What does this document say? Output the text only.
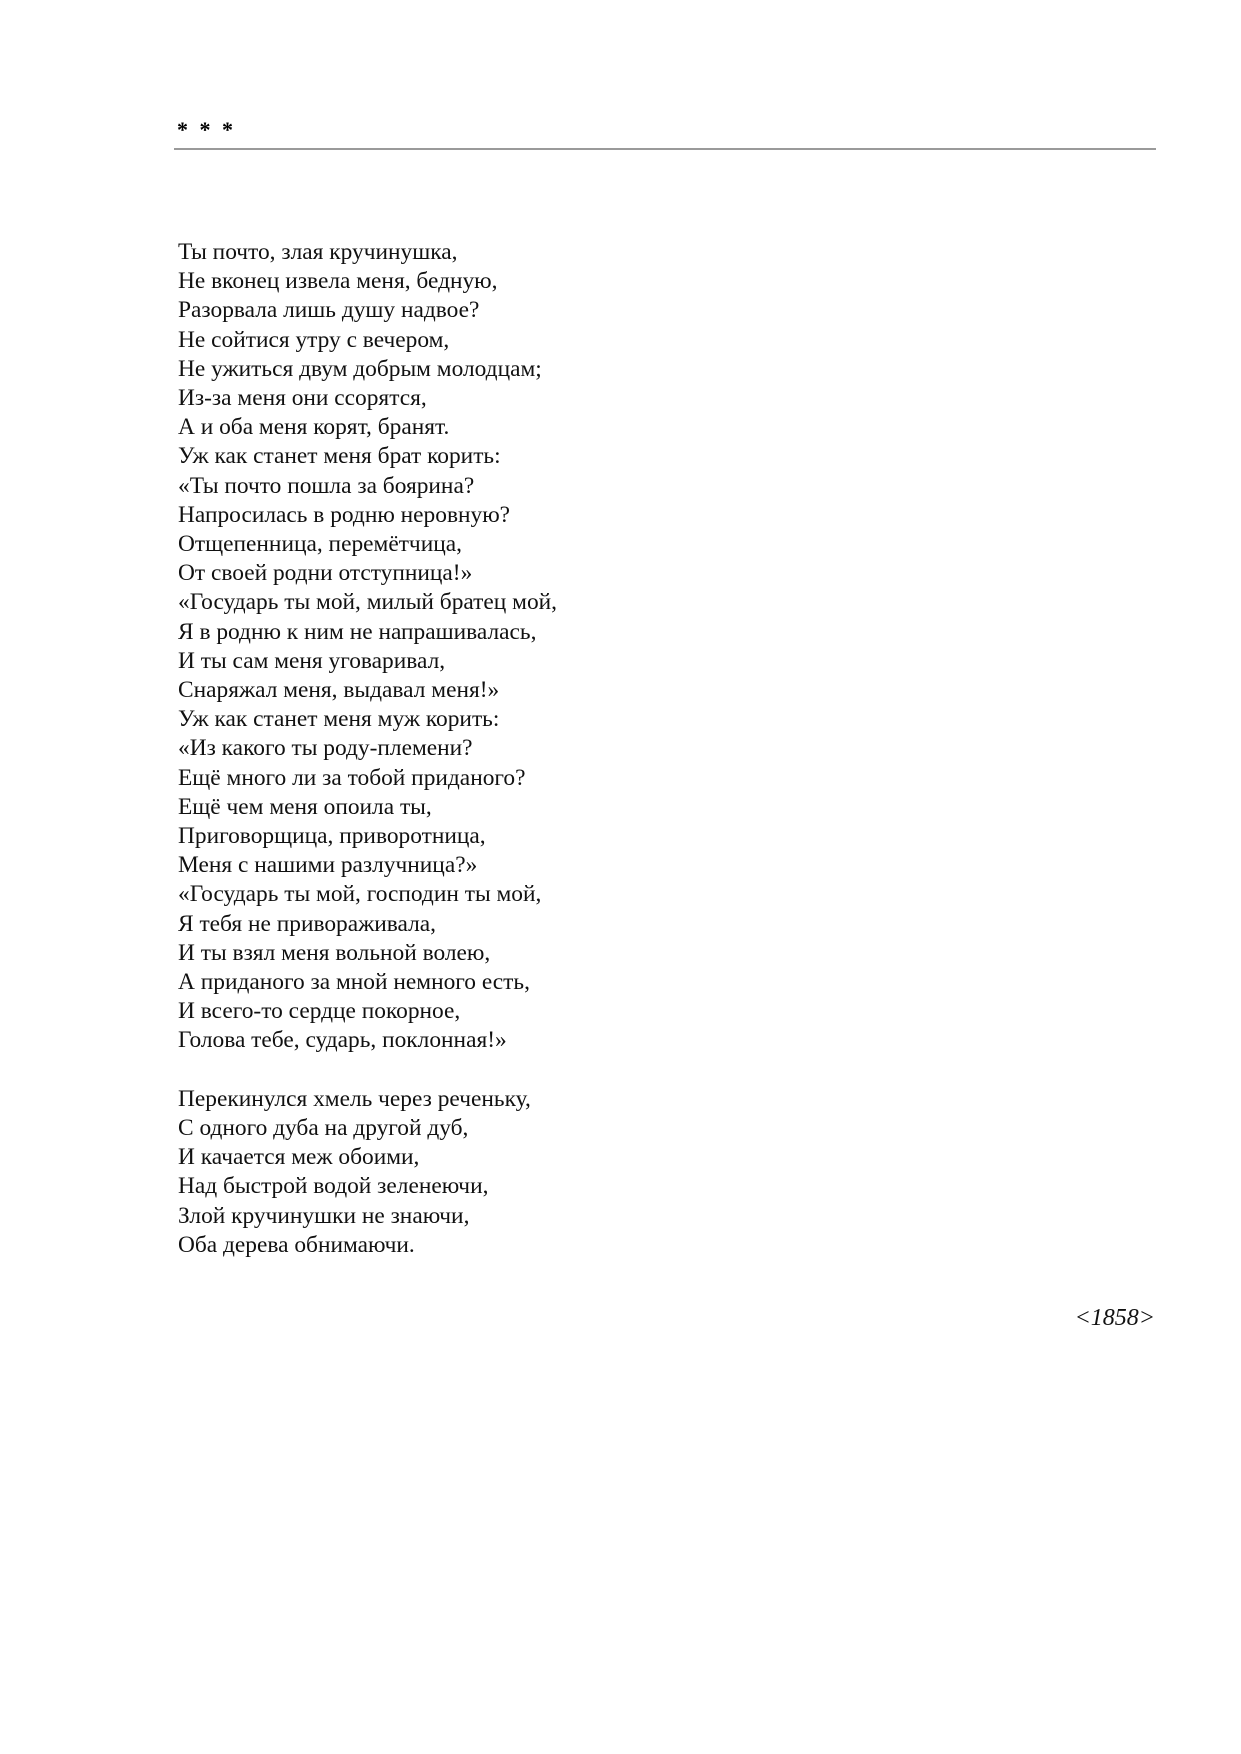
* * *
Ты почто, злая кручинушка,
Не вконец извела меня, бедную,
Разорвала лишь душу надвое?
Не сойтися утру с вечером,
Не ужиться двум добрым молодцам;
Из-за меня они ссорятся,
А и оба меня корят, бранят.
Уж как станет меня брат корить:
«Ты почто пошла за боярина?
Напросилась в родню неровную?
Отщепенница, перемётчица,
От своей родни отступница!»
«Государь ты мой, милый братец мой,
Я в родню к ним не напрашивалась,
И ты сам меня уговаривал,
Снаряжал меня, выдавал меня!»
Уж как станет меня муж корить:
«Из какого ты роду-племени?
Ещё много ли за тобой приданого?
Ещё чем меня опоила ты,
Приговорщица, приворотница,
Меня с нашими разлучница?»
«Государь ты мой, господин ты мой,
Я тебя не привораживала,
И ты взял меня вольной волею,
А приданого за мной немного есть,
И всего-то сердце покорное,
Голова тебе, сударь, поклонная!»
Перекинулся хмель через реченьку,
С одного дуба на другой дуб,
И качается меж обоими,
Над быстрой водой зеленеючи,
Злой кручинушки не знаючи,
Оба дерева обнимаючи.
<1858>
